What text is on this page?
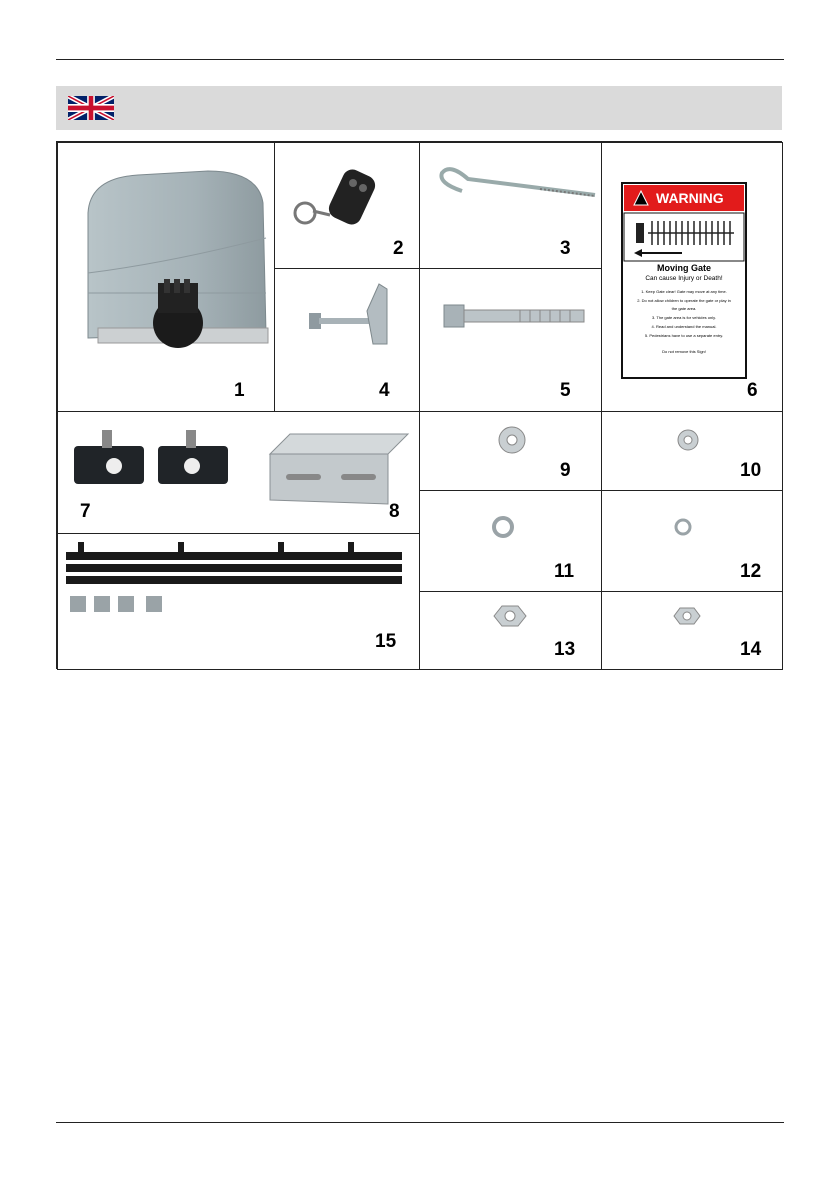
1
2	3
WARNING
Moving Gate
Can cause Injury or Death!
1. Keep Gate clear! Gate may move at any time.
2. Do not allow children to operate the gate or play in
the gate area.
3. The gate area is for vehicles only.
4. Read and understand the manual.
5. Pedestrians have to use a separate entry.
Do not remove this Sign!
6
4	5
7	8
15
9	10
11	12
13	14
